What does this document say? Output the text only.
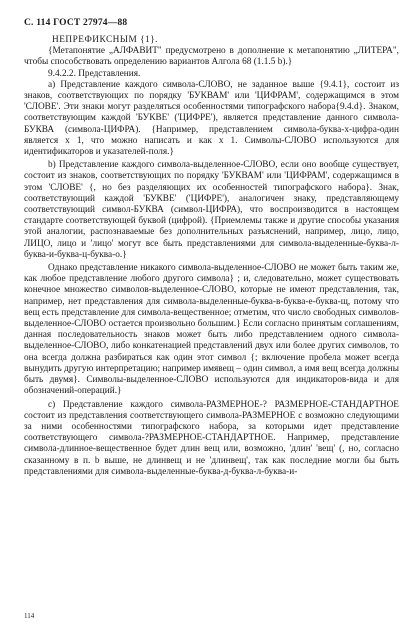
С. 114 ГОСТ 27974—88

НЕПРЕФИКСНЫМ {1}.

{Метапонятие „АЛФАВИТ" предусмотрено в дополнение к метапонятию „ЛИТЕРА", чтобы способствовать определению вариантов Алгола 68 (1.1.5 b).}

9.4.2.2. Представления.

а) Представление каждого символа-СЛОВО, не заданное выше {9.4.1}, состоит из знаков, соответствующих по порядку 'БУКВАМ' или 'ЦИФРАМ', содержащимся в этом 'СЛОВЕ'. Эти знаки могут разделяться особенностями типографского набора{9.4.d}. Знаком, соответствующим каждой 'БУКВЕ' ('ЦИФРЕ'), является представление данного символа-БУКВА (символа-ЦИФРА). {Например, представлением символа-буква-х-цифра-один является х 1, что можно написать и как х 1. Символы-СЛОВО используются для идентификаторов и указателей-поля.}

b) Представление каждого символа-выделенное-СЛОВО, если оно вообще существует, состоит из знаков, соответствующих по порядку 'БУКВАМ' или 'ЦИФРАМ', содержащимся в этом 'СЛОВЕ' {, но без разделяющих их особенностей типографского набора}. Знак, соответствующий каждой 'БУКВЕ' ('ЦИФРЕ'), аналогичен знаку, представляющему соответствующий символ-БУКВА (символ-ЦИФРА), что воспроизводится в настоящем стандарте соответствующей буквой (цифрой). {Приемлемы также и другие способы указания этой аналогии, распознаваемые без дополнительных разъяснений, например, лицо, лицо, ЛИЦО, лицо и 'лицо' могут все быть представлениями для символа-выделенные-буква-л-буква-и-буква-ц-буква-о.}

Однако представление никакого символа-выделенное-СЛОВО не может быть таким же, как любое представление любого другого символа} ; и, следовательно, может существовать конечное множество символов-выделенное-СЛОВО, которые не имеют представления, так, например, нет представления для символа-выделенные-буква-в-буква-е-буква-щ, потому что вещ есть представление для символа-вещественное; отметим, что число свободных символов-выделенное-СЛОВО остается произвольно большим.} Если согласно принятым соглашениям, данная последовательность знаков может быть либо представлением одного символа-выделенное-СЛОВО, либо конкатенацией представлений двух или более других символов, то она всегда должна разбираться как один этот символ {; включение пробела может всегда вынудить другую интерпретацию; например имявещ – один символ, а имя вещ всегда должны быть двумя}. Символы-выделенное-СЛОВО используются для индикаторов-вида и для обозначений-операций.}

с) Представление каждого символа-РАЗМЕРНОЕ-? РАЗМЕРНОЕ-СТАНДАРТНОЕ состоит из представления соответствующего символа-РАЗМЕРНОЕ с возможно следующими за ними особенностями типографского набора, за которыми идет представление соответствующего символа-?РАЗМЕРНОЕ-СТАНДАРТНОЕ. Например, представление символа-длинное-вещественное будет длин вещ или, возможно, 'длин' 'вещ' (, но, согласно сказанному в п. b выше, не длинвещ и не 'длинвещ', так как последние могли бы быть представлениями для символа-выделенные-буква-д-буква-л-буква-и-

114
